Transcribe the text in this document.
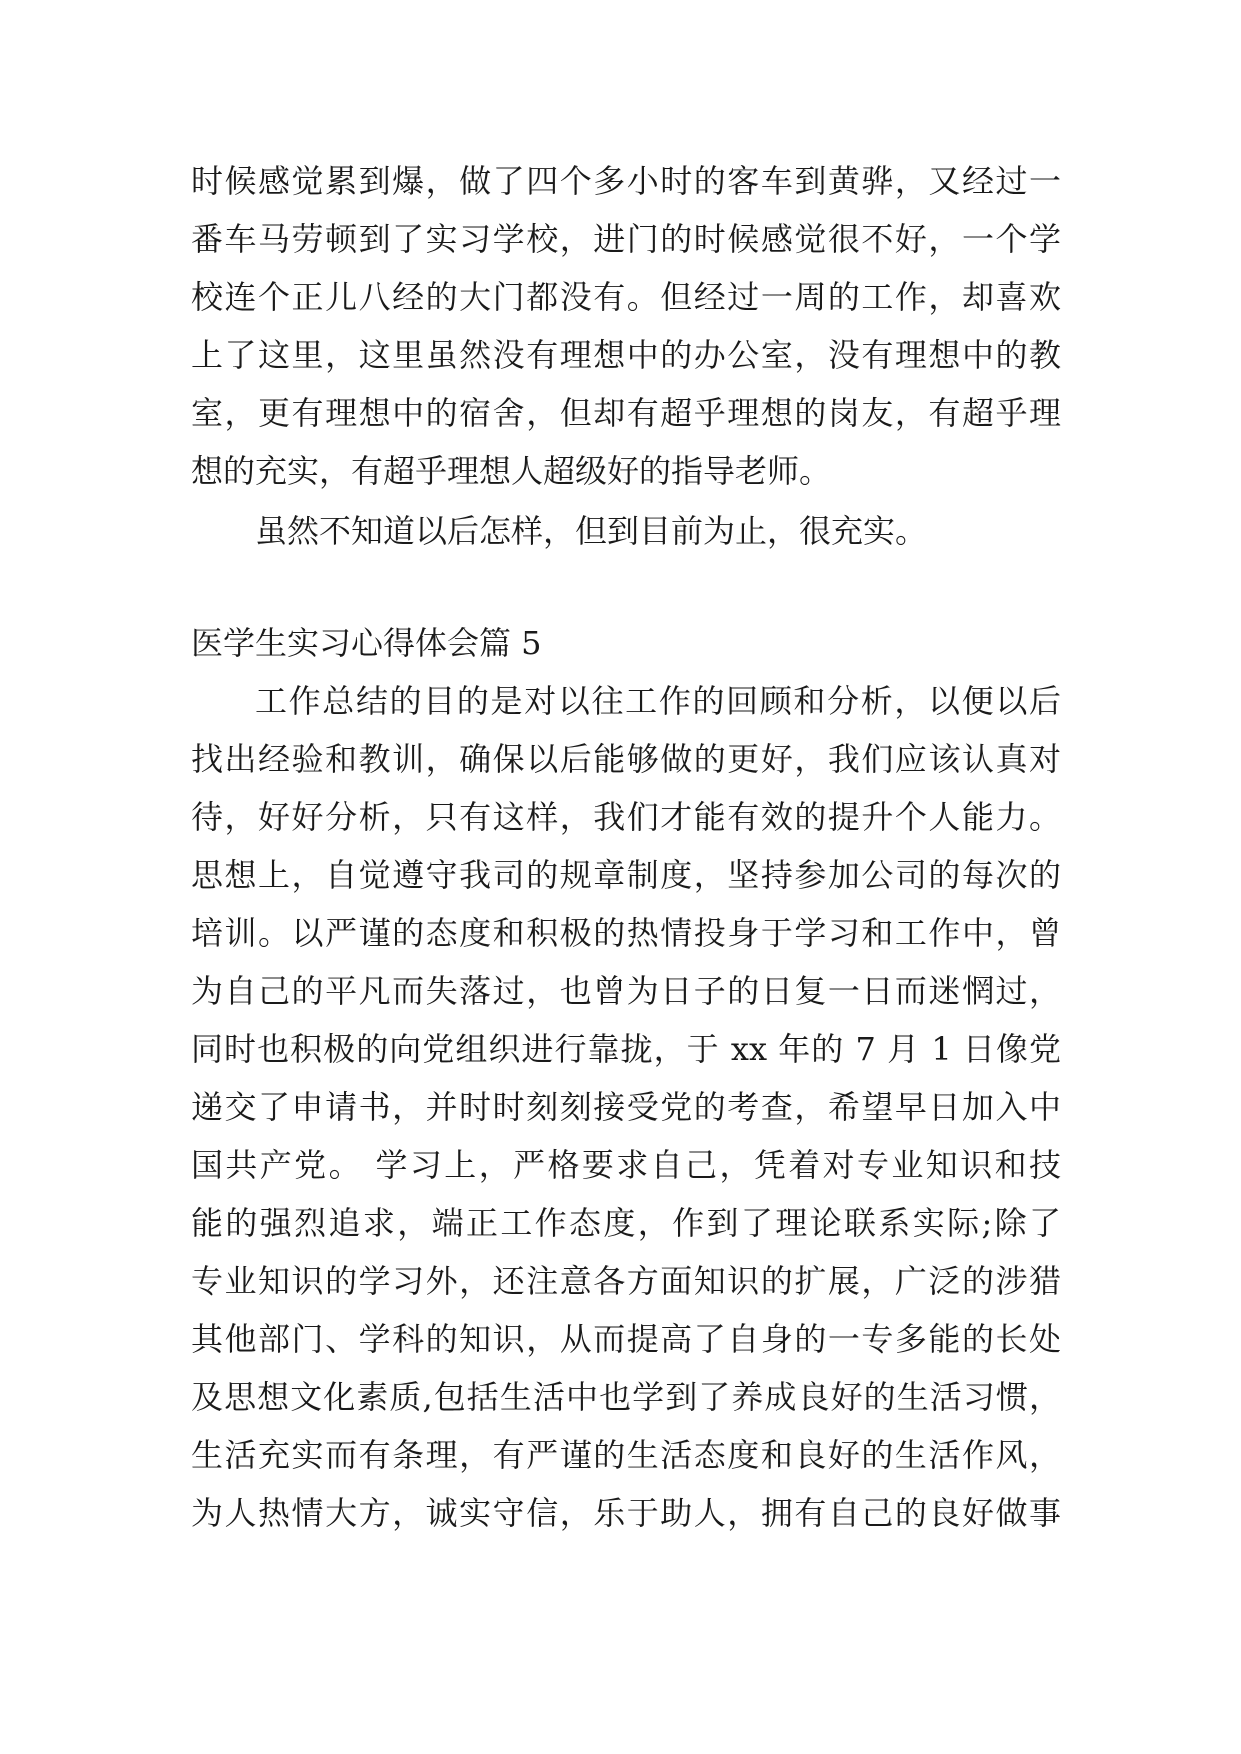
时候感觉累到爆，做了四个多小时的客车到黄骅，又经过一
番车马劳顿到了实习学校，进门的时候感觉很不好，一个学
校连个正儿八经的大门都没有。但经过一周的工作，却喜欢
上了这里，这里虽然没有理想中的办公室，没有理想中的教
室，更有理想中的宿舍，但却有超乎理想的岗友，有超乎理
想的充实，有超乎理想人超级好的指导老师。
虽然不知道以后怎样，但到目前为止，很充实。
医学生实习心得体会篇 5
工作总结的目的是对以往工作的回顾和分析，以便以后
找出经验和教训，确保以后能够做的更好，我们应该认真对
待，好好分析，只有这样，我们才能有效的提升个人能力。
思想上，自觉遵守我司的规章制度，坚持参加公司的每次的
培训。以严谨的态度和积极的热情投身于学习和工作中，曾
为自己的平凡而失落过，也曾为日子的日复一日而迷惘过，
同时也积极的向党组织进行靠拢，于 xx 年的 7 月 1 日像党
递交了申请书，并时时刻刻接受党的考查，希望早日加入中
国共产党。 学习上，严格要求自己，凭着对专业知识和技
能的强烈追求，端正工作态度，作到了理论联系实际;除了
专业知识的学习外，还注意各方面知识的扩展，广泛的涉猎
其他部门、学科的知识，从而提高了自身的一专多能的长处
及思想文化素质,包括生活中也学到了养成良好的生活习惯，
生活充实而有条理，有严谨的生活态度和良好的生活作风，
为人热情大方，诚实守信，乐于助人，拥有自己的良好做事
